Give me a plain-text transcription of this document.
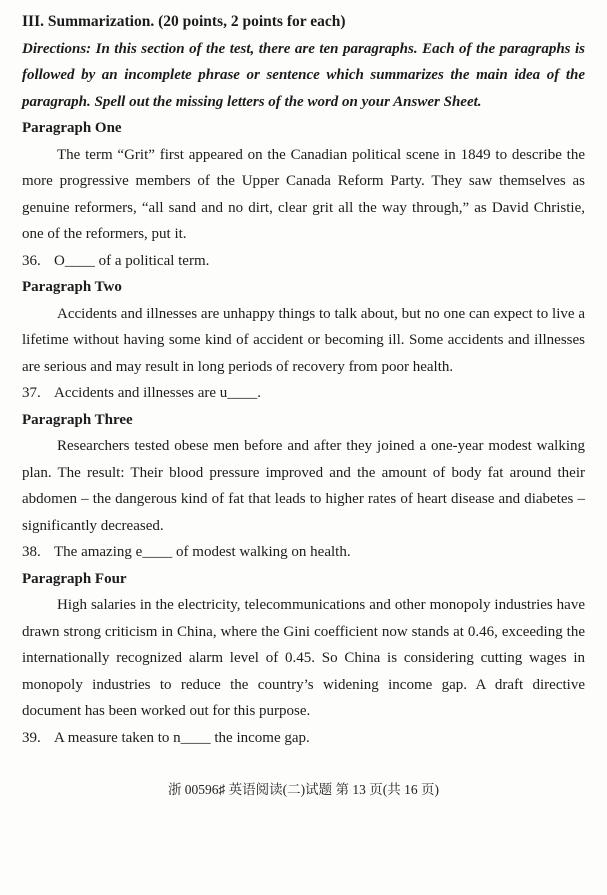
III. Summarization. (20 points, 2 points for each)

Directions: In this section of the test, there are ten paragraphs. Each of the paragraphs is followed by an incomplete phrase or sentence which summarizes the main idea of the paragraph. Spell out the missing letters of the word on your Answer Sheet.

Paragraph One

The term “Grit” first appeared on the Canadian political scene in 1849 to describe the more progressive members of the Upper Canada Reform Party. They saw themselves as genuine reformers, “all sand and no dirt, clear grit all the way through,” as David Christie, one of the reformers, put it.

36. O____ of a political term.

Paragraph Two

Accidents and illnesses are unhappy things to talk about, but no one can expect to live a lifetime without having some kind of accident or becoming ill. Some accidents and illnesses are serious and may result in long periods of recovery from poor health.

37. Accidents and illnesses are u____.

Paragraph Three

Researchers tested obese men before and after they joined a one-year modest walking plan. The result: Their blood pressure improved and the amount of body fat around their abdomen – the dangerous kind of fat that leads to higher rates of heart disease and diabetes – significantly decreased.

38. The amazing e____ of modest walking on health.

Paragraph Four

High salaries in the electricity, telecommunications and other monopoly industries have drawn strong criticism in China, where the Gini coefficient now stands at 0.46, exceeding the internationally recognized alarm level of 0.45. So China is considering cutting wages in monopoly industries to reduce the country’s widening income gap. A draft directive document has been worked out for this purpose.

39. A measure taken to n____ the income gap.

浙 00596♯ 英语阅读(二)试题 第 13 页(共 16 页)
